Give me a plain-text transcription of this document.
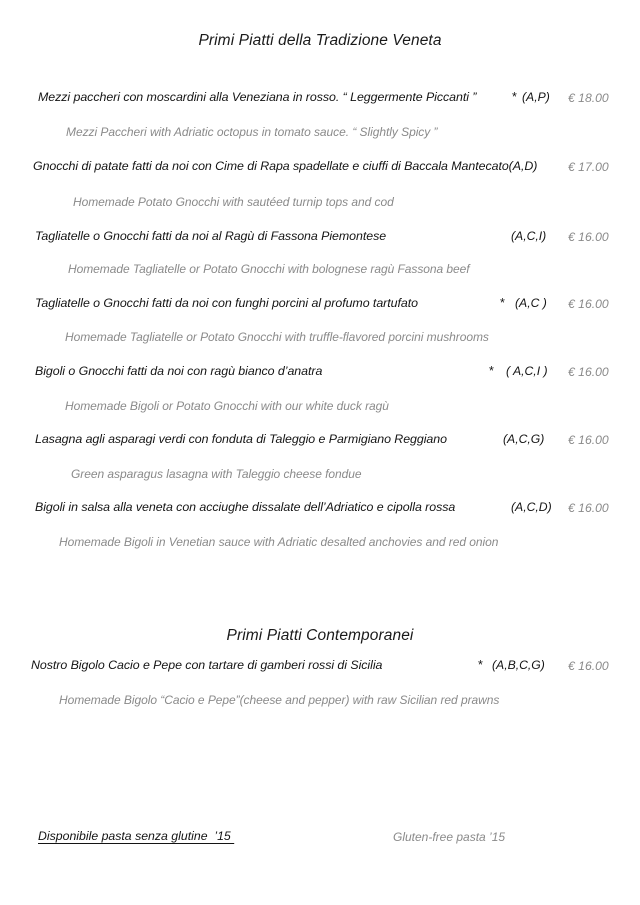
Primi Piatti della Tradizione Veneta
Mezzi paccheri con moscardini alla Veneziana in rosso. “ Leggermente Piccanti ”	* (A,P) € 18.00
Mezzi Paccheri with Adriatic octopus in tomato sauce. “ Slightly Spicy ”
Gnocchi di patate fatti da noi con Cime di Rapa spadellate e ciuffi di Baccala Mantecato(A,D)	€ 17.00
Homemade Potato Gnocchi with sautéed turnip tops and cod
Tagliatelle o Gnocchi fatti da noi al Ragù di Fassona Piemontese	(A,C,I) € 16.00
Homemade Tagliatelle or Potato Gnocchi with bolognese ragù Fassona beef
Tagliatelle o Gnocchi fatti da noi con funghi porcini al profumo tartufato	* (A,C ) € 16.00
Homemade Tagliatelle or Potato Gnocchi with truffle-flavored porcini mushrooms
Bigoli o Gnocchi fatti da noi con ragù bianco d’anatra	* ( A,C,I ) € 16.00
Homemade Bigoli or Potato Gnocchi with our white duck ragù
Lasagna agli asparagi verdi con fonduta di Taleggio e Parmigiano Reggiano	(A,C,G) € 16.00
Green asparagus lasagna with Taleggio cheese fondue
Bigoli in salsa alla veneta con acciughe dissalate dell’Adriatico e cipolla rossa	(A,C,D) € 16.00
Homemade Bigoli in Venetian sauce with Adriatic desalted anchovies and red onion
Primi Piatti Contemporanei
Nostro Bigolo Cacio e Pepe con tartare di gamberi rossi di Sicilia	* (A,B,C,G) € 16.00
Homemade Bigolo “Cacio e Pepe”(cheese and pepper) with raw Sicilian red prawns
Disponibile pasta senza glutine  ’15	Gluten-free pasta ’15
